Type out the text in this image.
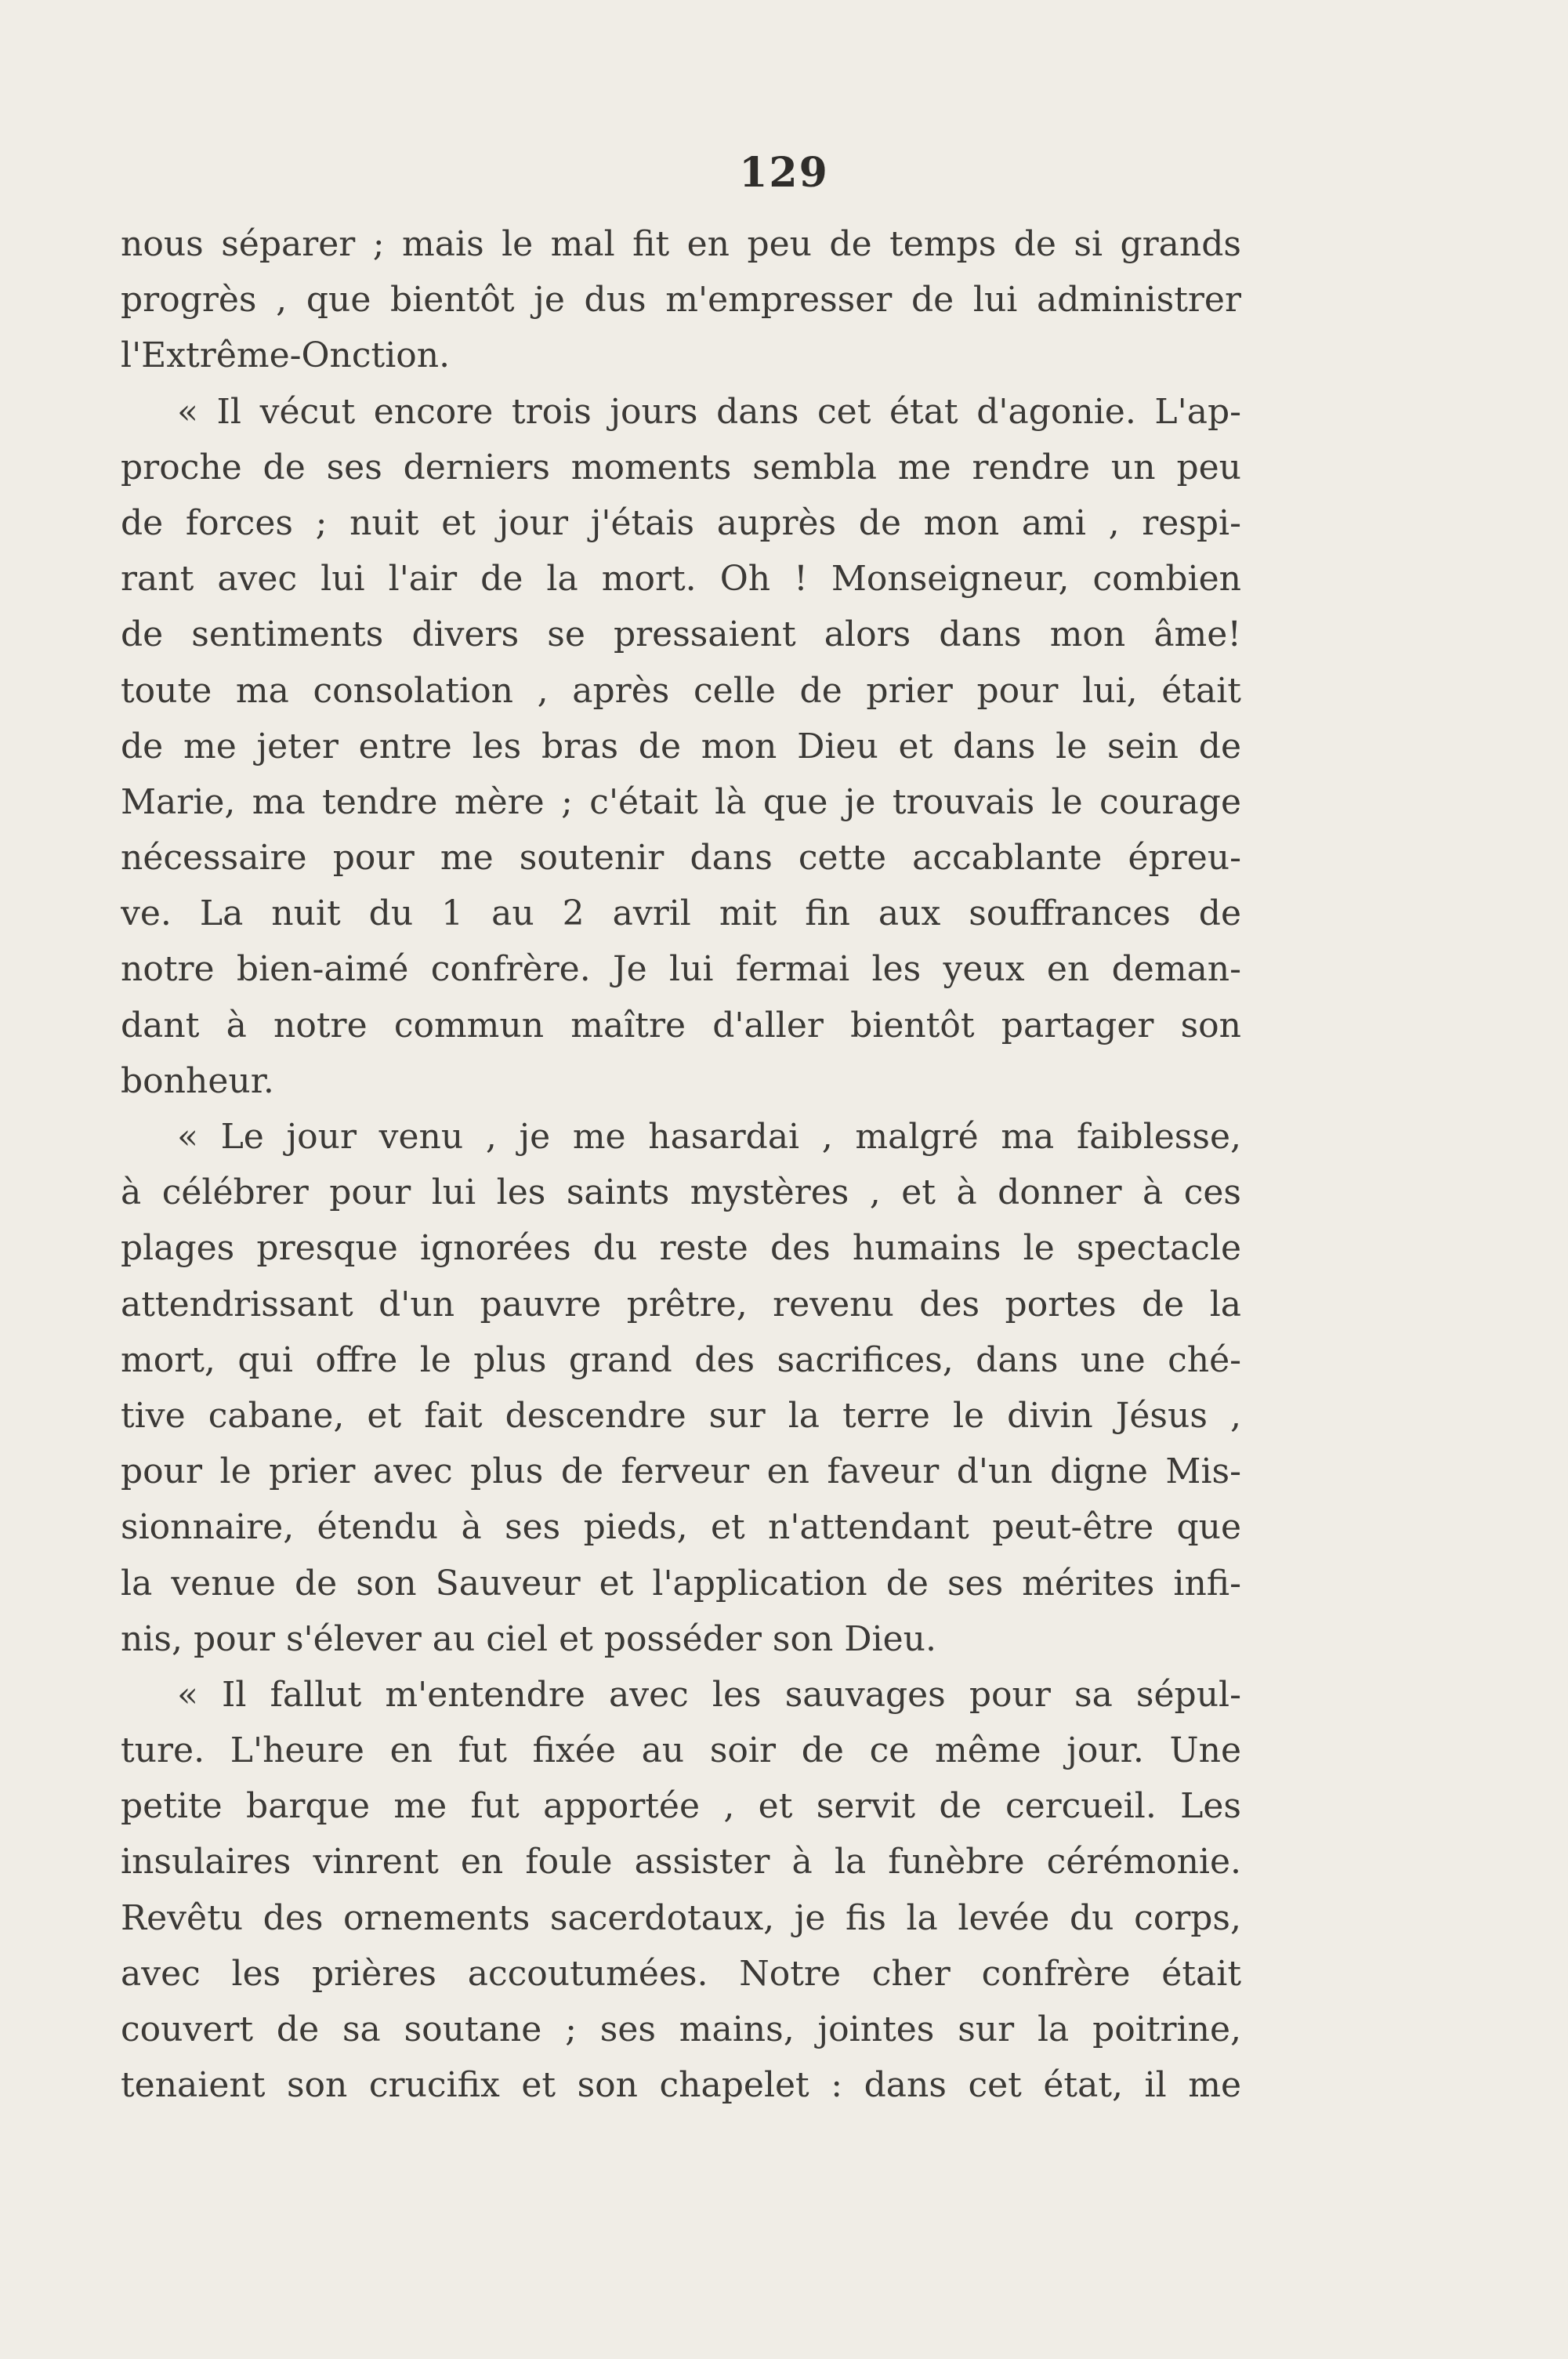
129
nous séparer ; mais le mal fit en peu de temps de si grands
progrès , que bientôt je dus m'empresser de lui administrer
l'Extrême-Onction.
« Il vécut encore trois jours dans cet état d'agonie. L'ap-
proche de ses derniers moments sembla me rendre un peu
de forces ; nuit et jour j'étais auprès de mon ami , respi-
rant avec lui l'air de la mort. Oh ! Monseigneur, combien
de sentiments divers se pressaient alors dans mon âme!
toute ma consolation , après celle de prier pour lui, était
de me jeter entre les bras de mon Dieu et dans le sein de
Marie, ma tendre mère ; c'était là que je trouvais le courage
nécessaire pour me soutenir dans cette accablante épreu-
ve. La nuit du 1 au 2 avril mit fin aux souffrances de
notre bien-aimé confrère. Je lui fermai les yeux en deman-
dant à notre commun maître d'aller bientôt partager son
bonheur.
« Le jour venu , je me hasardai , malgré ma faiblesse,
à célébrer pour lui les saints mystères , et à donner à ces
plages presque ignorées du reste des humains le spectacle
attendrissant d'un pauvre prêtre, revenu des portes de la
mort, qui offre le plus grand des sacrifices, dans une ché-
tive cabane, et fait descendre sur la terre le divin Jésus ,
pour le prier avec plus de ferveur en faveur d'un digne Mis-
sionnaire, étendu à ses pieds, et n'attendant peut-être que
la venue de son Sauveur et l'application de ses mérites infi-
nis, pour s'élever au ciel et posséder son Dieu.
« Il fallut m'entendre avec les sauvages pour sa sépul-
ture. L'heure en fut fixée au soir de ce même jour. Une
petite barque me fut apportée , et servit de cercueil. Les
insulaires vinrent en foule assister à la funèbre cérémonie.
Revêtu des ornements sacerdotaux, je fis la levée du corps,
avec les prières accoutumées. Notre cher confrère était
couvert de sa soutane ; ses mains, jointes sur la poitrine,
tenaient son crucifix et son chapelet : dans cet état, il me
